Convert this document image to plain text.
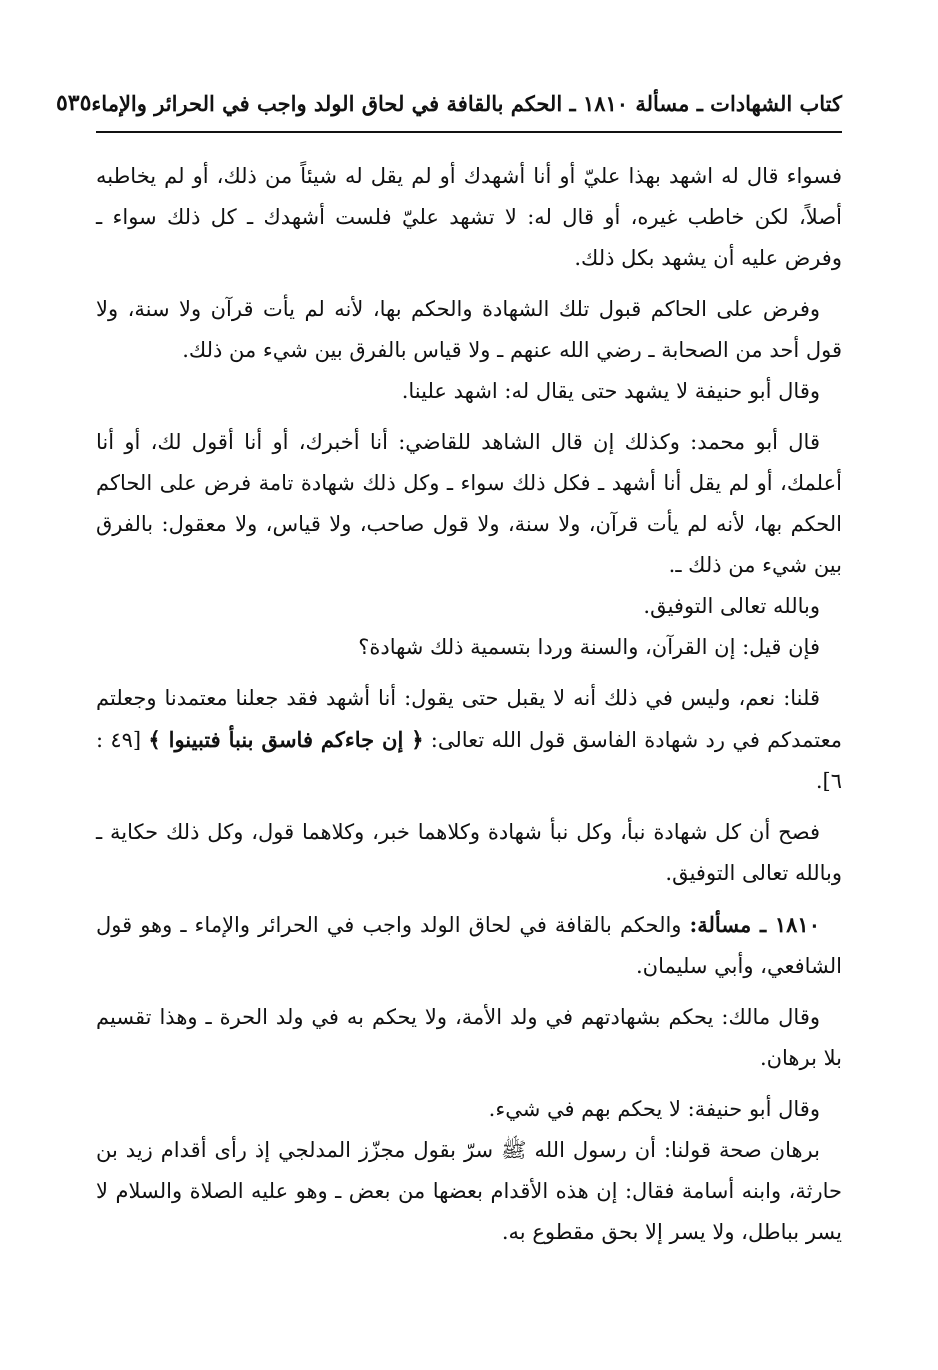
كتاب الشهادات ـ مسألة ١٨١٠ ـ الحكم بالقافة في لحاق الولد واجب في الحرائر والإماء
٥٣٥

فسواء قال له اشهد بهذا عليّ أو أنا أشهدك أو لم يقل له شيئاً من ذلك، أو لم يخاطبه أصلاً، لكن خاطب غيره، أو قال له: لا تشهد عليّ فلست أشهدك ـ كل ذلك سواء ـ وفرض عليه أن يشهد بكل ذلك.

وفرض على الحاكم قبول تلك الشهادة والحكم بها، لأنه لم يأت قرآن ولا سنة، ولا قول أحد من الصحابة ـ رضي الله عنهم ـ ولا قياس بالفرق بين شيء من ذلك.

وقال أبو حنيفة لا يشهد حتى يقال له: اشهد علينا.

قال أبو محمد: وكذلك إن قال الشاهد للقاضي: أنا أخبرك، أو أنا أقول لك، أو أنا أعلمك، أو لم يقل أنا أشهد ـ فكل ذلك سواء ـ وكل ذلك شهادة تامة فرض على الحاكم الحكم بها، لأنه لم يأت قرآن، ولا سنة، ولا قول صاحب، ولا قياس، ولا معقول: بالفرق بين شيء من ذلك ـ.

وبالله تعالى التوفيق.

فإن قيل: إن القرآن، والسنة وردا بتسمية ذلك شهادة؟

قلنا: نعم، وليس في ذلك أنه لا يقبل حتى يقول: أنا أشهد فقد جعلنا معتمدنا وجعلتم معتمدكم في رد شهادة الفاسق قول الله تعالى: ﴿ إن جاءكم فاسق بنبأ فتبينوا ﴾ [٤٩ : ٦].

فصح أن كل شهادة نبأ، وكل نبأ شهادة وكلاهما خبر، وكلاهما قول، وكل ذلك حكاية ـ وبالله تعالى التوفيق.

١٨١٠ ـ مسألة: والحكم بالقافة في لحاق الولد واجب في الحرائر والإماء ـ وهو قول الشافعي، وأبي سليمان.

وقال مالك: يحكم بشهادتهم في ولد الأمة، ولا يحكم به في ولد الحرة ـ وهذا تقسيم بلا برهان.

وقال أبو حنيفة: لا يحكم بهم في شيء.

برهان صحة قولنا: أن رسول الله ﷺ سرّ بقول مجزّز المدلجي إذ رأى أقدام زيد بن حارثة، وابنه أسامة فقال: إن هذه الأقدام بعضها من بعض ـ وهو عليه الصلاة والسلام لا يسر بباطل، ولا يسر إلا بحق مقطوع به.
